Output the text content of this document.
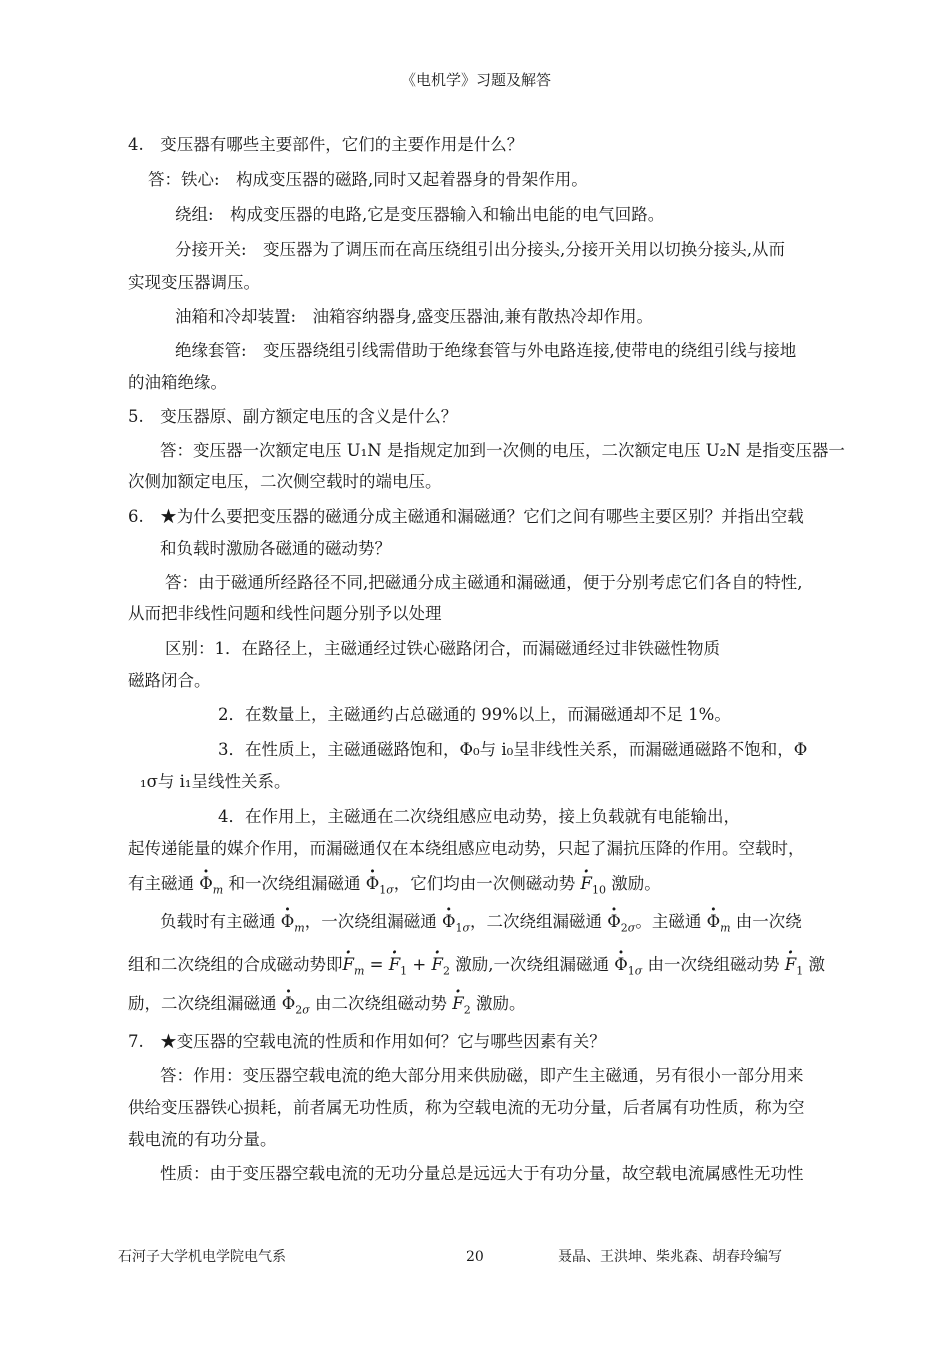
《电机学》习题及解答
4.　变压器有哪些主要部件，它们的主要作用是什么？
答：铁心:　构成变压器的磁路,同时又起着器身的骨架作用。
绕组:　构成变压器的电路,它是变压器输入和输出电能的电气回路。
分接开关:　变压器为了调压而在高压绕组引出分接头,分接开关用以切换分接头,从而
实现变压器调压。
油箱和冷却装置:　油箱容纳器身,盛变压器油,兼有散热冷却作用。
绝缘套管:　变压器绕组引线需借助于绝缘套管与外电路连接,使带电的绕组引线与接地
的油箱绝缘。
5.　变压器原、副方额定电压的含义是什么？
答：变压器一次额定电压 U₁N 是指规定加到一次侧的电压，二次额定电压 U₂N 是指变压器一
次侧加额定电压，二次侧空载时的端电压。
6.　★为什么要把变压器的磁通分成主磁通和漏磁通？它们之间有哪些主要区别？并指出空载
和负载时激励各磁通的磁动势？
答：由于磁通所经路径不同,把磁通分成主磁通和漏磁通，便于分别考虑它们各自的特性,
从而把非线性问题和线性问题分别予以处理
区别：1．在路径上，主磁通经过铁心磁路闭合，而漏磁通经过非铁磁性物质
磁路闭合。
2．在数量上，主磁通约占总磁通的 99%以上，而漏磁通却不足 1%。
3．在性质上，主磁通磁路饱和，Φ₀与 i₀呈非线性关系，而漏磁通磁路不饱和，Φ
₁σ与 i₁呈线性关系。
4．在作用上，主磁通在二次绕组感应电动势，接上负载就有电能输出，
起传递能量的媒介作用，而漏磁通仅在本绕组感应电动势，只起了漏抗压降的作用。空载时，
有主磁通 · $\Phi_m$ 和一次绕组漏磁通 · $\Phi_{1\sigma}$，它们均由一次侧磁动势 · $F_{10}$ 激励。
负载时有主磁通 · $\Phi_m$，一次绕组漏磁通 · $\Phi_{1\sigma}$，二次绕组漏磁通 · $\Phi_{2\sigma}$。主磁通 · $\Phi_m$ 由一次绕
组和二次绕组的合成磁动势即· $F_m$ = · $F_1$ + · $F_2$ 激励,一次绕组漏磁通 · $\Phi_{1\sigma}$ 由一次绕组磁动势 · $F_1$ 激
励，二次绕组漏磁通 · $\Phi_{2\sigma}$ 由二次绕组磁动势 · $F_2$ 激励。
7.　★变压器的空载电流的性质和作用如何？它与哪些因素有关？
答：作用：变压器空载电流的绝大部分用来供励磁，即产生主磁通，另有很小一部分用来
供给变压器铁心损耗，前者属无功性质，称为空载电流的无功分量，后者属有功性质，称为空
载电流的有功分量。
性质：由于变压器空载电流的无功分量总是远远大于有功分量，故空载电流属感性无功性
石河子大学机电学院电气系	20	聂晶、王洪坤、柴兆森、胡春玲编写
